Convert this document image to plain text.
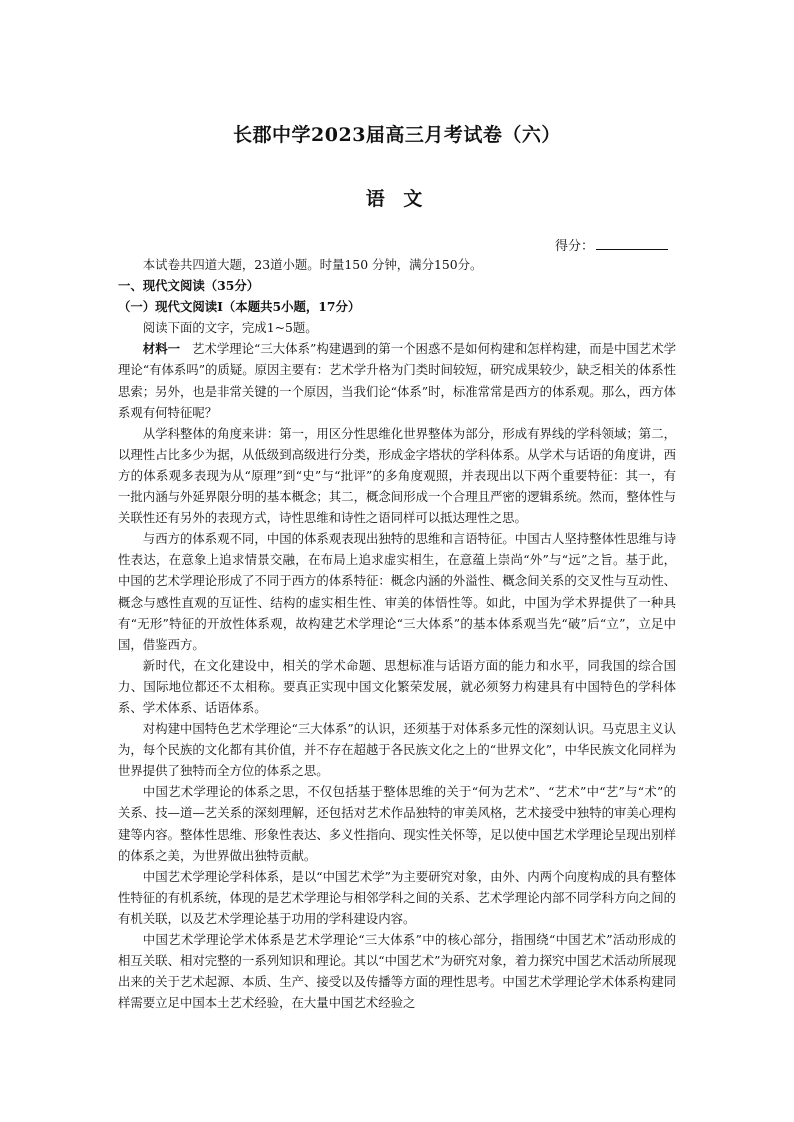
长郡中学2023届高三月考试卷（六）
语 文
得分：

本试卷共四道大题，23道小题。时量150 分钟，满分150分。

一、现代文阅读（35分）

（一）现代文阅读Ⅰ（本题共5小题，17分）

阅读下面的文字，完成1~5题。

材料一 艺术学理论“三大体系”构建遇到的第一个困惑不是如何构建和怎样构建，而是中国艺术学理论“有体系吗”的质疑。原因主要有：艺术学升格为门类时间较短，研究成果较少，缺乏相关的体系性思索；另外，也是非常关键的一个原因，当我们论“体系”时，标准常常是西方的体系观。那么，西方体系观有何特征呢？

从学科整体的角度来讲：第一，用区分性思维化世界整体为部分，形成有界线的学科领域；第二，以理性占比多少为据，从低级到高级进行分类，形成金字塔状的学科体系。从学术与话语的角度讲，西方的体系观多表现为从“原理”到“史”与“批评”的多角度观照，并表现出以下两个重要特征：其一，有一批内涵与外延界限分明的基本概念；其二，概念间形成一个合理且严密的逻辑系统。然而，整体性与关联性还有另外的表现方式，诗性思维和诗性之语同样可以抵达理性之思。

与西方的体系观不同，中国的体系观表现出独特的思维和言语特征。中国古人坚持整体性思维与诗性表达，在意象上追求情景交融，在布局上追求虚实相生，在意蕴上崇尚“外”与“远”之旨。基于此，中国的艺术学理论形成了不同于西方的体系特征：概念内涵的外溢性、概念间关系的交叉性与互动性、概念与感性直观的互证性、结构的虚实相生性、审美的体悟性等。如此，中国为学术界提供了一种具有“无形”特征的开放性体系观，故构建艺术学理论“三大体系”的基本体系观当先“破”后“立”，立足中国，借鉴西方。

新时代，在文化建设中，相关的学术命题、思想标准与话语方面的能力和水平，同我国的综合国力、国际地位都还不太相称。要真正实现中国文化繁荣发展，就必须努力构建具有中国特色的学科体系、学术体系、话语体系。

对构建中国特色艺术学理论“三大体系”的认识，还须基于对体系多元性的深刻认识。马克思主义认为，每个民族的文化都有其价值，并不存在超越于各民族文化之上的“世界文化”，中华民族文化同样为世界提供了独特而全方位的体系之思。

中国艺术学理论的体系之思，不仅包括基于整体思维的关于“何为艺术”、“艺术”中“艺”与“术”的关系、技—道—艺关系的深刻理解，还包括对艺术作品独特的审美风格，艺术接受中独特的审美心理构建等内容。整体性思维、形象性表达、多义性指向、现实性关怀等，足以使中国艺术学理论呈现出别样的体系之美，为世界做出独特贡献。

中国艺术学理论学科体系，是以“中国艺术学”为主要研究对象，由外、内两个向度构成的具有整体性特征的有机系统，体现的是艺术学理论与相邻学科之间的关系、艺术学理论内部不同学科方向之间的有机关联，以及艺术学理论基于功用的学科建设内容。

中国艺术学理论学术体系是艺术学理论“三大体系”中的核心部分，指围绕“中国艺术”活动形成的相互关联、相对完整的一系列知识和理论。其以“中国艺术”为研究对象，着力探究中国艺术活动所展现出来的关于艺术起源、本质、生产、接受以及传播等方面的理性思考。中国艺术学理论学术体系构建同样需要立足中国本土艺术经验，在大量中国艺术经验之
